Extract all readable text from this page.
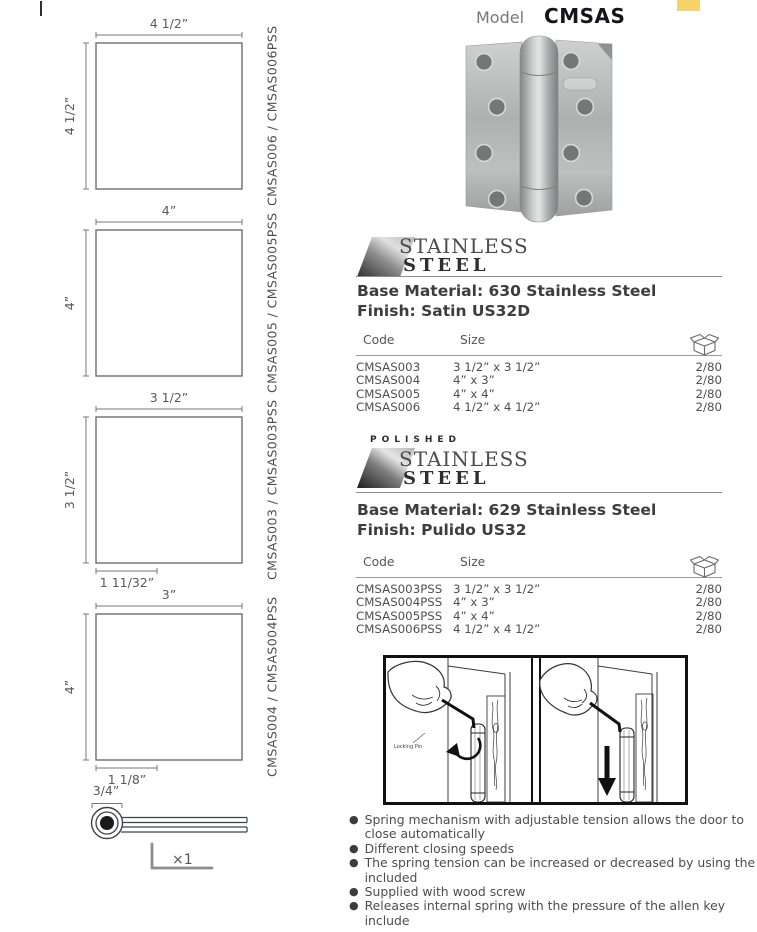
4 1/2”
4 1/2”	CMSAS006 / CMSAS006PSS
4”
4”	CMSAS005 / CMSAS005PSS
3 1/2”
3 1/2”
1 11/32”
CMSAS003 / CMSAS003PSS
3”
4”
1 1/8”
CMSAS004 / CMSAS004PSS
3/4”
×1
Model CMSAS
STAINLESS
STEEL
Base Material: 630 Stainless Steel
Finish: Satin US32D
Code	Size
CMSAS003	3 1/2” x 3 1/2”	2/80
CMSAS004	4” x 3”	2/80
CMSAS005	4” x 4”	2/80
CMSAS006	4 1/2” x 4 1/2”	2/80
POLISHED
STAINLESS
STEEL
Base Material: 629 Stainless Steel
Finish: Pulido US32
Code	Size
CMSAS003PSS 3 1/2” x 3 1/2”	2/80
CMSAS004PSS 4” x 3”	2/80
CMSAS005PSS 4” x 4”	2/80
CMSAS006PSS 4 1/2” x 4 1/2”	2/80
Locking Pin
● Spring mechanism with adjustable tension allows the door to close automatically
● Different closing speeds
● The spring tension can be increased or decreased by using the included
● Supplied with wood screw
● Releases internal spring with the pressure of the allen key include
